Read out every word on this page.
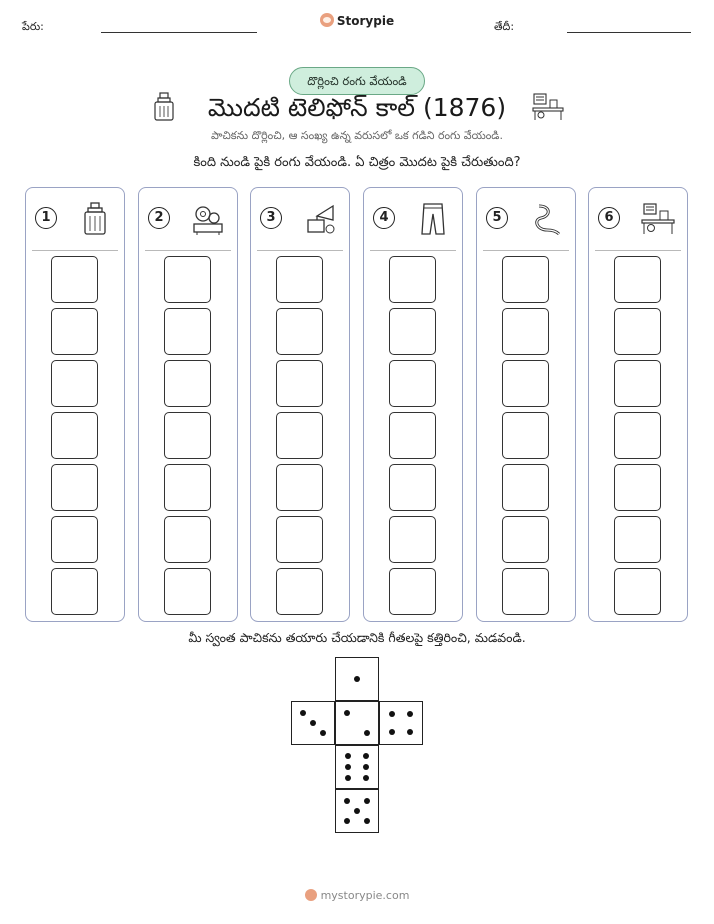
పేరు:	Storypie	తేదీ:
దొర్లించి రంగు వేయండి
మొదటి టెలిఫోన్ కాల్ (1876)
పాచికను దొర్లించి, ఆ సంఖ్య ఉన్న వరుసలో ఒక గడిని రంగు వేయండి.
కింది నుండి పైకి రంగు వేయండి. ఏ చిత్రం మొదట పైకి చేరుతుంది?
1	2	3	4	5	6
మీ స్వంత పాచికను తయారు చేయడానికి గీతలపై కత్తిరించి, మడవండి.
mystorypie.com
